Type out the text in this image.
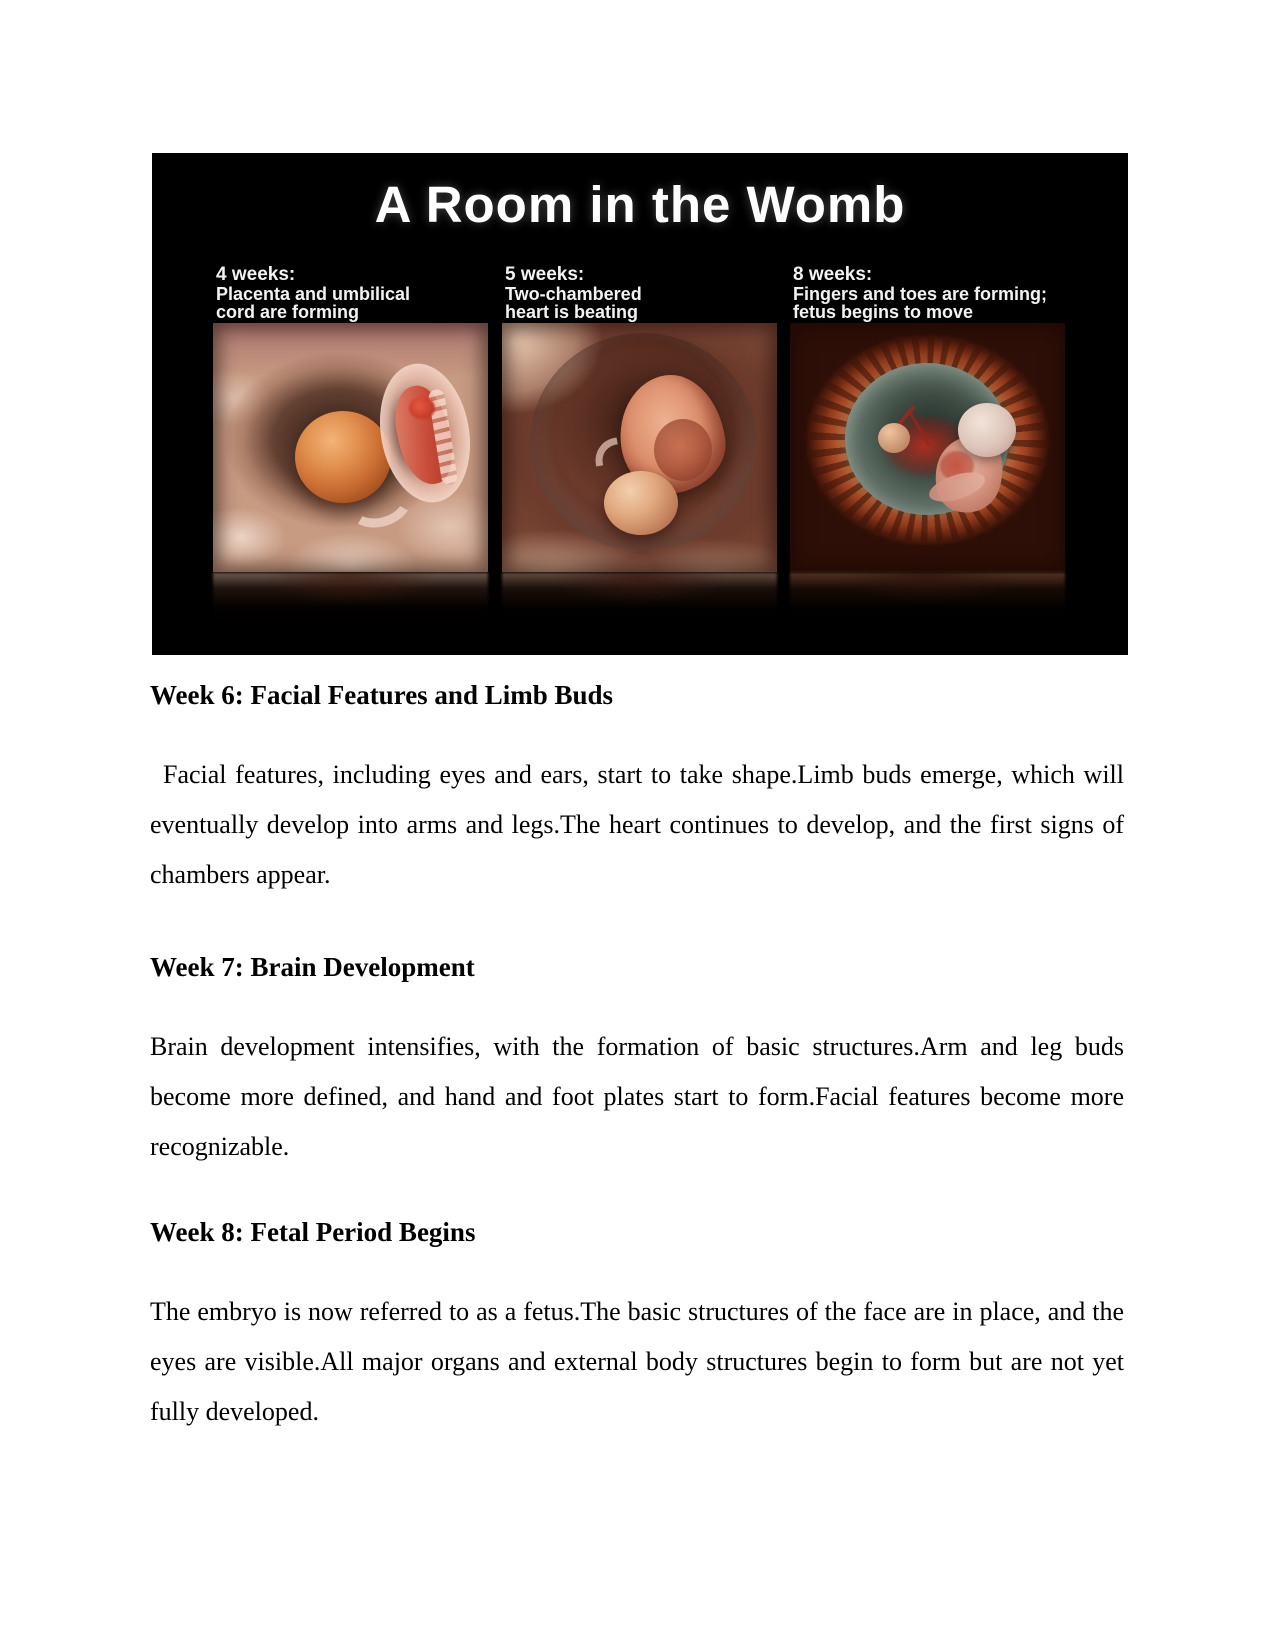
A Room in the Womb
4 weeks:
Placenta and umbilical
cord are forming
5 weeks:
Two-chambered
heart is beating
8 weeks:
Fingers and toes are forming;
fetus begins to move
Week 6: Facial Features and Limb Buds

Facial features, including eyes and ears, start to take shape.Limb buds emerge, which will eventually develop into arms and legs.The heart continues to develop, and the first signs of chambers appear.

Week 7: Brain Development

Brain development intensifies, with the formation of basic structures.Arm and leg buds become more defined, and hand and foot plates start to form.Facial features become more recognizable.

Week 8: Fetal Period Begins

The embryo is now referred to as a fetus.The basic structures of the face are in place, and the eyes are visible.All major organs and external body structures begin to form but are not yet fully developed.
